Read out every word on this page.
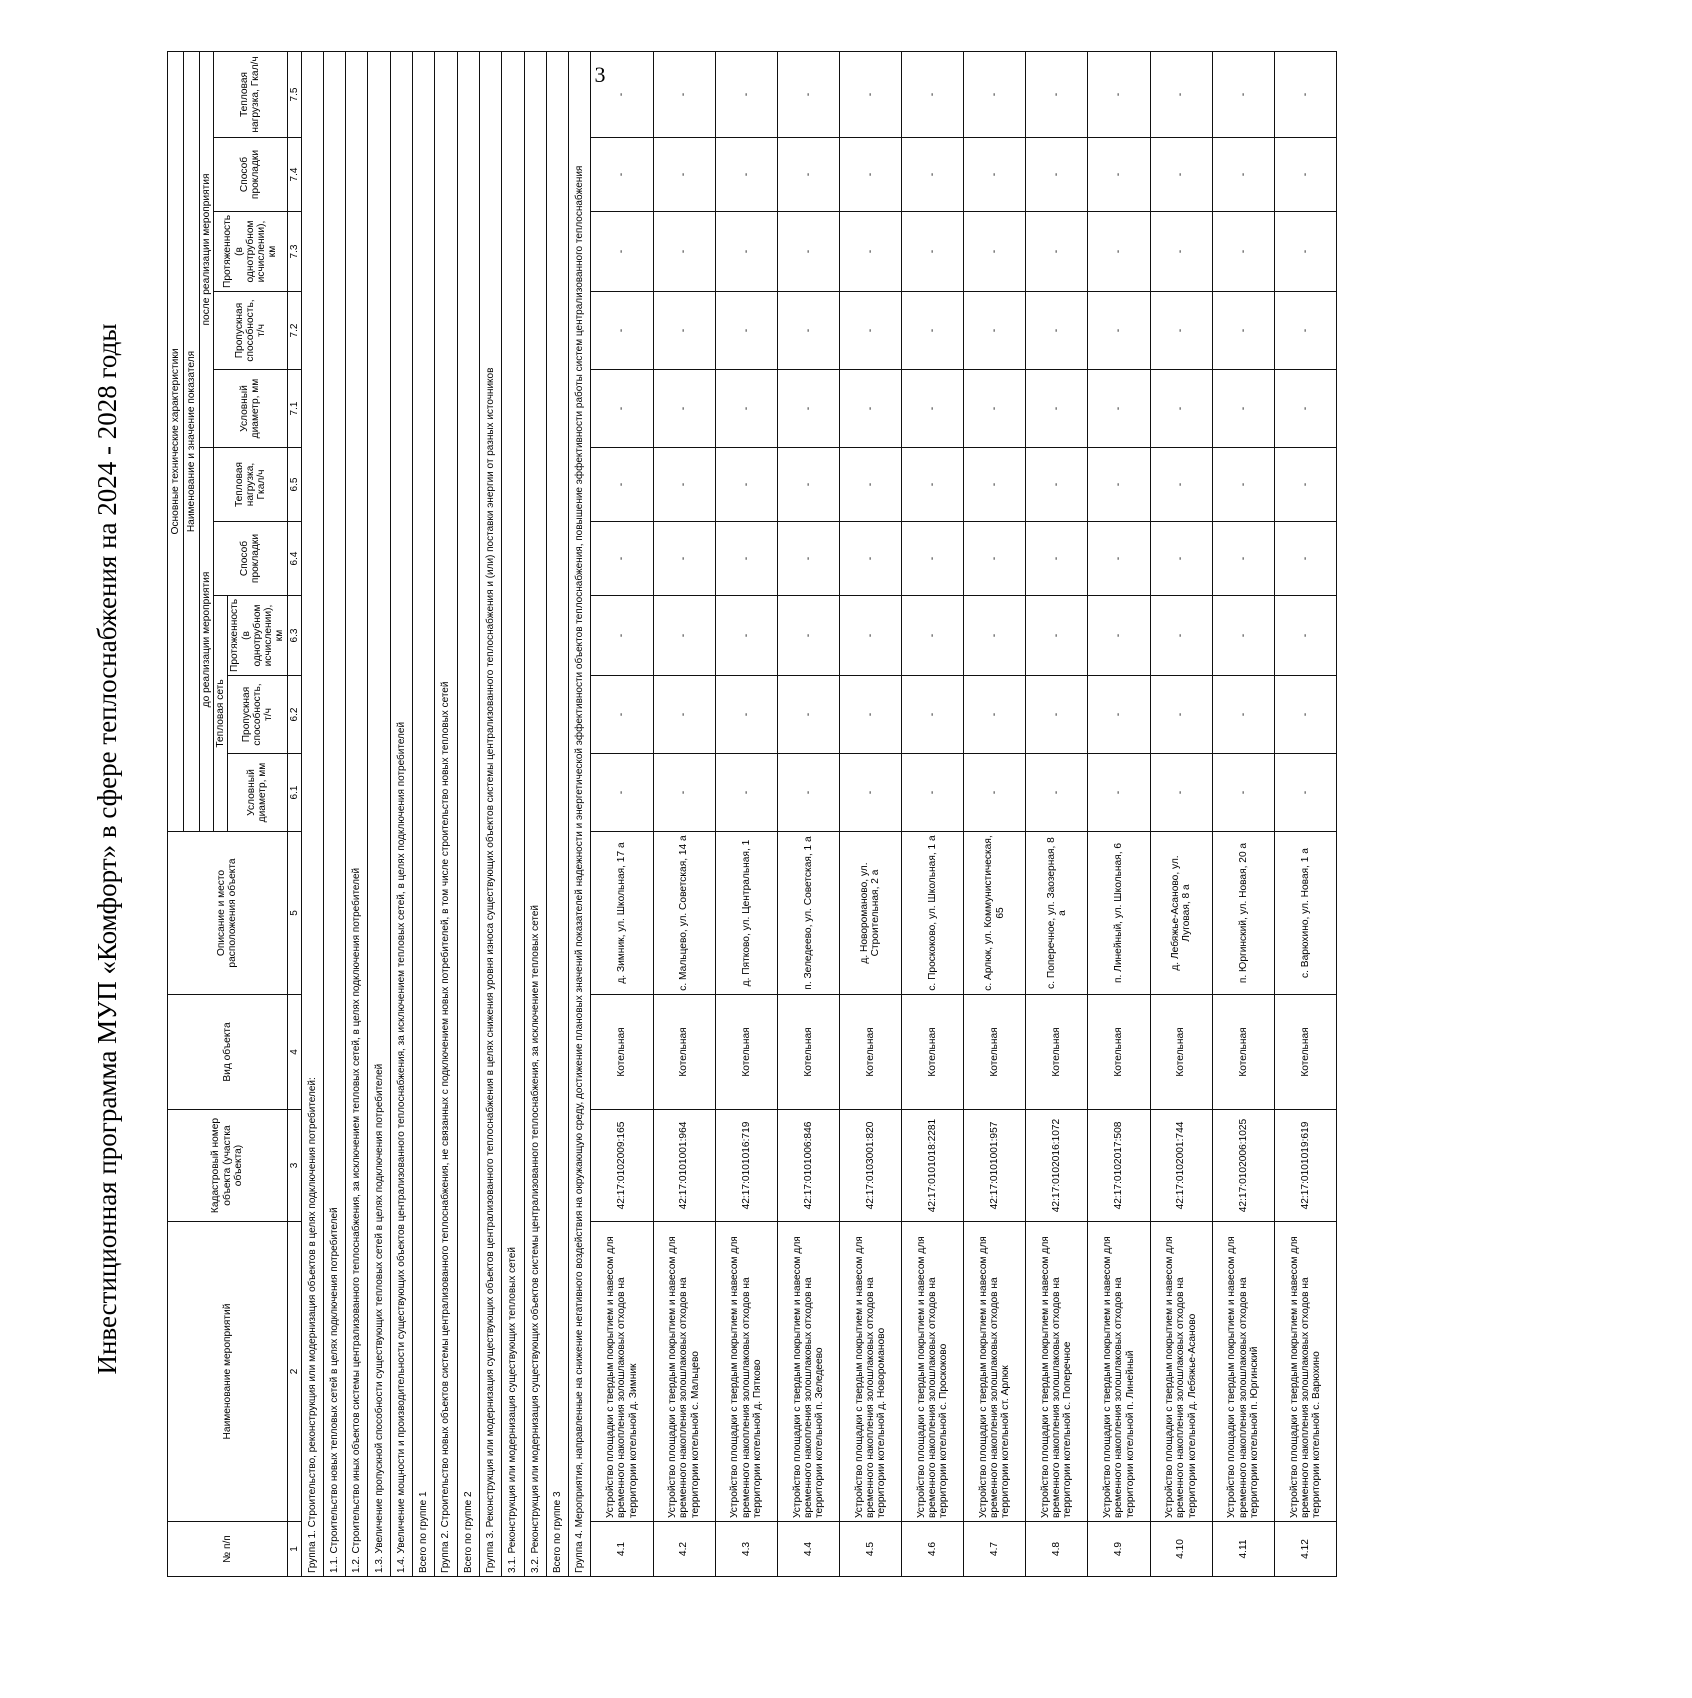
3
Инвестиционная программа МУП «Комфорт» в сфере теплоснабжения на 2024 - 2028 годы
№ п/п	Наименование мероприятий	Кадастровый номер объекта (участка объекта)	Вид объекта	Описание и место расположения объекта	Основные технические характеристики									
					Наименование и значение показателя									
					до реализации мероприятия					после реализации мероприятия				
					Тепловая сеть			Способ прокладки	Тепловая нагрузка, Гкал/ч	Условный диаметр, мм	Пропускная способность, т/ч	Протяженность (в однотрубном исчислении), км	Способ прокладки	Тепловая нагрузка, Гкал/ч
					Условный диаметр, мм	Пропускная способность, т/ч	Протяженность (в однотрубном исчислении), км							
1	2	3	4	5	6.1	6.2	6.3	6.4	6.5	7.1	7.2	7.3	7.4	7.5
Группа 1. Строительство, реконструкция или модернизация объектов в целях подключения потребителей:														
1.1. Строительство новых тепловых сетей в целях подключения потребителей														
1.2. Строительство иных объектов системы централизованного теплоснабжения, за исключением тепловых сетей, в целях подключения потребителей														
1.3. Увеличение пропускной способности существующих тепловых сетей в целях подключения потребителей														
1.4. Увеличение мощности и производительности существующих объектов централизованного теплоснабжения, за исключением тепловых сетей, в целях подключения потребителей														
Всего по группе 1														
Группа 2. Строительство новых объектов системы централизованного теплоснабжения, не связанных с подключением новых потребителей, в том числе строительство новых тепловых сетей														
Всего по группе 2														
Группа 3. Реконструкция или модернизация существующих объектов централизованного теплоснабжения в целях снижения уровня износа существующих объектов системы централизованного теплоснабжения и (или) поставки энергии от разных источников														
3.1. Реконструкция или модернизация существующих тепловых сетей														
3.2. Реконструкция или модернизация существующих объектов системы централизованного теплоснабжения, за исключением тепловых сетей														
Всего по группе 3														
Группа 4. Мероприятия, направленные на снижение негативного воздействия на окружающую среду, достижение плановых значений показателей надежности и энергетической эффективности объектов теплоснабжения, повышение эффективности работы систем централизованного теплоснабжения														
4.1	Устройство площадки с твердым покрытием и навесом для временного накопления золошлаковых отходов на территории котельной д. Зимник	42:17:0102009:165	Котельная	д. Зимник, ул. Школьная, 17 а	-	-	-	-	-	-	-	-	-	-
4.2	Устройство площадки с твердым покрытием и навесом для временного накопления золошлаковых отходов на территории котельной с. Мальцево	42:17:0101001:964	Котельная	с. Мальцево, ул. Советская, 14 а	-	-	-	-	-	-	-	-	-	-
4.3	Устройство площадки с твердым покрытием и навесом для временного накопления золошлаковых отходов на территории котельной д. Пятково	42:17:0101016:719	Котельная	д. Пятково, ул. Центральная, 1	-	-	-	-	-	-	-	-	-	-
4.4	Устройство площадки с твердым покрытием и навесом для временного накопления золошлаковых отходов на территории котельной п. Зеледеево	42:17:0101006:846	Котельная	п. Зеледеево, ул. Советская, 1 а	-	-	-	-	-	-	-	-	-	-
4.5	Устройство площадки с твердым покрытием и навесом для временного накопления золошлаковых отходов на территории котельной д. Новороманово	42:17:0103001:820	Котельная	д. Новороманово, ул. Строительная, 2 а	-	-	-	-	-	-	-	-	-	-
4.6	Устройство площадки с твердым покрытием и навесом для временного накопления золошлаковых отходов на территории котельной с. Проскоково	42:17:0101018:2281	Котельная	с. Проскоково, ул. Школьная, 1 а	-	-	-	-	-	-	-	-	-	-
4.7	Устройство площадки с твердым покрытием и навесом для временного накопления золошлаковых отходов на территории котельной ст. Арлюк	42:17:0101001:957	Котельная	с. Арлюк, ул. Коммунистическая, 65	-	-	-	-	-	-	-	-	-	-
4.8	Устройство площадки с твердым покрытием и навесом для временного накопления золошлаковых отходов на территории котельной с. Поперечное	42:17:0102016:1072	Котельная	с. Поперечное, ул. Заозерная, 8 а	-	-	-	-	-	-	-	-	-	-
4.9	Устройство площадки с твердым покрытием и навесом для временного накопления золошлаковых отходов на территории котельной п. Линейный	42:17:0102017:508	Котельная	п. Линейный, ул. Школьная, 6	-	-	-	-	-	-	-	-	-	-
4.10	Устройство площадки с твердым покрытием и навесом для временного накопления золошлаковых отходов на территории котельной д. Лебяжье-Асаново	42:17:0102001:744	Котельная	д. Лебяжье-Асаново, ул. Луговая, 8 а	-	-	-	-	-	-	-	-	-	-
4.11	Устройство площадки с твердым покрытием и навесом для временного накопления золошлаковых отходов на территории котельной п. Юргинский	42:17:0102006:1025	Котельная	п. Юргинский, ул. Новая, 20 а	-	-	-	-	-	-	-	-	-	-
4.12	Устройство площадки с твердым покрытием и навесом для временного накопления золошлаковых отходов на территории котельной с. Варюхино	42:17:0101019:619	Котельная	с. Варюхино, ул. Новая, 1 а	-	-	-	-	-	-	-	-	-	-
